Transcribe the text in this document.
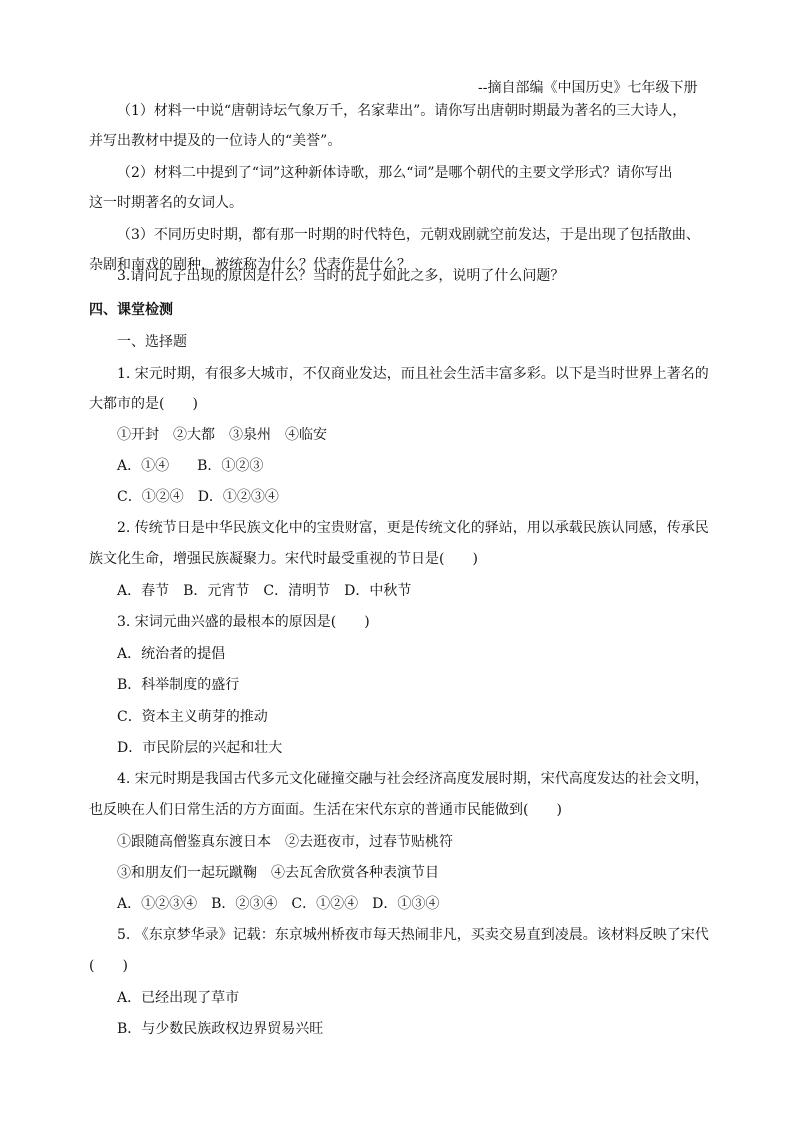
--摘自部编《中国历史》七年级下册
（1）材料一中说“唐朝诗坛气象万千，名家辈出”。请你写出唐朝时期最为著名的三大诗人，
并写出教材中提及的一位诗人的“美誉”。
（2）材料二中提到了“词”这种新体诗歌，那么“词”是哪个朝代的主要文学形式？请你写出
这一时期著名的女词人。
（3）不同历史时期，都有那一时期的时代特色，元朝戏剧就空前发达，于是出现了包括散曲、
杂剧和南戏的剧种，被统称为什么？代表作是什么？
3.请问瓦子出现的原因是什么？当时的瓦子如此之多，说明了什么问题？
四、课堂检测
一、选择题
1. 宋元时期，有很多大城市，不仅商业发达，而且社会生活丰富多彩。以下是当时世界上著名的
大都市的是(　　)
①开封　②大都　③泉州　④临安
A．①④　　B．①②③
C．①②④　D．①②③④
2. 传统节日是中华民族文化中的宝贵财富，更是传统文化的驿站，用以承载民族认同感，传承民
族文化生命，增强民族凝聚力。宋代时最受重视的节日是(　　)
A．春节　B．元宵节　C．清明节　D．中秋节
3. 宋词元曲兴盛的最根本的原因是(　　)
A．统治者的提倡
B．科举制度的盛行
C．资本主义萌芽的推动
D．市民阶层的兴起和壮大
4. 宋元时期是我国古代多元文化碰撞交融与社会经济高度发展时期，宋代高度发达的社会文明，
也反映在人们日常生活的方方面面。生活在宋代东京的普通市民能做到(　　)
①跟随高僧鉴真东渡日本　②去逛夜市，过春节贴桃符
③和朋友们一起玩蹴鞠　④去瓦舍欣赏各种表演节目
A．①②③④　B．②③④　C．①②④　D．①③④
5. 《东京梦华录》记载：东京城州桥夜市每天热闹非凡，买卖交易直到凌晨。该材料反映了宋代
(　　)
A．已经出现了草市
B．与少数民族政权边界贸易兴旺
